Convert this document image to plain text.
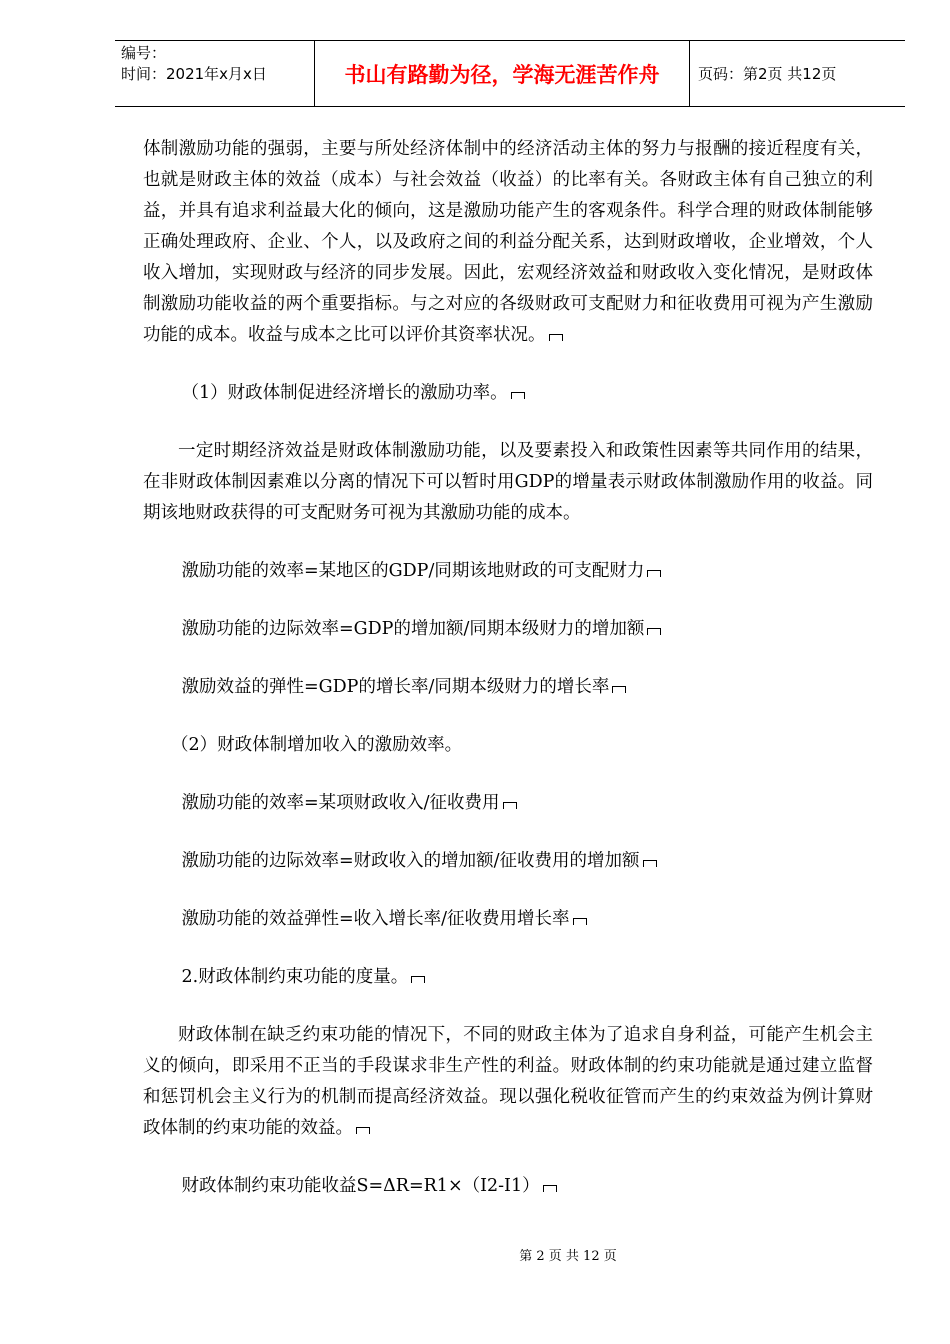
编号：
时间：2021年x月x日	书山有路勤为径，学海无涯苦作舟	页码：第2页 共12页

体制激励功能的强弱，主要与所处经济体制中的经济活动主体的努力与报酬的接近程度有关，也就是财政主体的效益（成本）与社会效益（收益）的比率有关。各财政主体有自己独立的利益，并具有追求利益最大化的倾向，这是激励功能产生的客观条件。科学合理的财政体制能够正确处理政府、企业、个人，以及政府之间的利益分配关系，达到财政增收，企业增效，个人收入增加，实现财政与经济的同步发展。因此，宏观经济效益和财政收入变化情况，是财政体制激励功能收益的两个重要指标。与之对应的各级财政可支配财力和征收费用可视为产生激励功能的成本。收益与成本之比可以评价其资率状况。

（1）财政体制促进经济增长的激励功率。

一定时期经济效益是财政体制激励功能，以及要素投入和政策性因素等共同作用的结果，在非财政体制因素难以分离的情况下可以暂时用GDP的增量表示财政体制激励作用的收益。同期该地财政获得的可支配财务可视为其激励功能的成本。

激励功能的效率=某地区的GDP/同期该地财政的可支配财力
激励功能的边际效率=GDP的增加额/同期本级财力的增加额
激励效益的弹性=GDP的增长率/同期本级财力的增长率
（2）财政体制增加收入的激励效率。
激励功能的效率=某项财政收入/征收费用
激励功能的边际效率=财政收入的增加额/征收费用的增加额
激励功能的效益弹性=收入增长率/征收费用增长率
2.财政体制约束功能的度量。

财政体制在缺乏约束功能的情况下，不同的财政主体为了追求自身利益，可能产生机会主义的倾向，即采用不正当的手段谋求非生产性的利益。财政体制的约束功能就是通过建立监督和惩罚机会主义行为的机制而提高经济效益。现以强化税收征管而产生的约束效益为例计算财政体制的约束功能的效益。

财政体制约束功能收益S=ΔR=R1×（I2-I1）
第 2 页 共 12 页
